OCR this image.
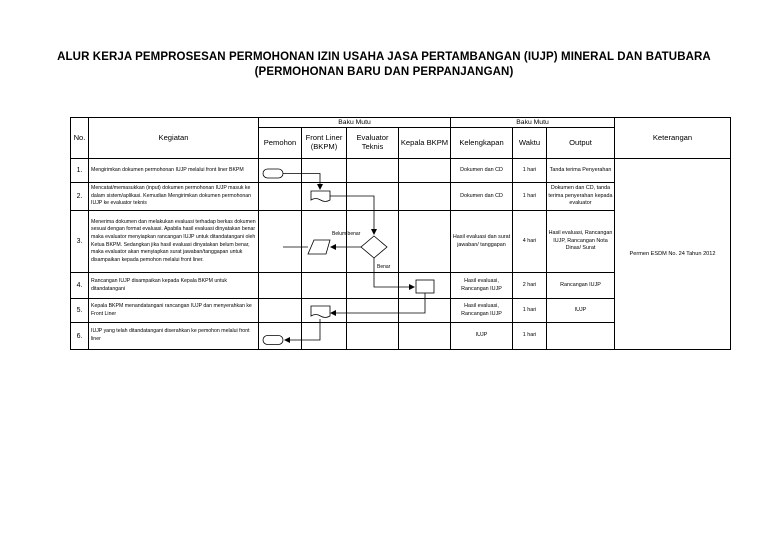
ALUR KERJA PEMPROSESAN PERMOHONAN IZIN USAHA JASA PERTAMBANGAN (IUJP) MINERAL DAN BATUBARA
(PERMOHONAN BARU DAN PERPANJANGAN)
No.	Kegiatan	Baku Mutu				Baku Mutu			Keterangan
		Pemohon	Front Liner (BKPM)	Evaluator Teknis	Kepala BKPM	Kelengkapan	Waktu	Output	
1.	Mengirimkan dokumen permohonan IUJP melalui front liner BKPM					Dokumen dan CD	1 hari	Tanda terima Penyerahan	Permen ESDM No. 24 Tahun 2012
2.	Mencatat/memasukkan (input) dokumen permohonan IUJP masuk ke dalam sistem/aplikasi. Kemudian Mengirimkan dokumen permohonan IUJP ke evaluator teknis					Dokumen dan CD	1 hari	Dokumen dan CD, tanda terima penyerahan kepada evaluator	
3.	Menerima dokumen dan melakukan evaluasi terhadap berkas dokumen sesuai dengan format evaluasi. Apabila hasil evaluasi dinyatakan benar maka evaluator menyiapkan rancangan IUJP untuk ditandatangani oleh Ketua BKPM. Sedangkan jika hasil evaluasi dinyatakan belum benar, maka evaluator akan menyiapkan surat jawaban/tanggapan untuk disampaikan kepada pemohon melalui front liner.					Hasil evaluasi dan surat jawaban/ tanggapan	4 hari	Hasil evaluasi, Rancangan IUJP, Rancangan Nota Dinas/ Surat	
4.	Rancangan IUJP disampaikan kepada Kepala BKPM untuk ditandatangani					Hasil evaluasi, Rancangan IUJP	2 hari	Rancangan IUJP	
5.	Kepala BKPM menandatangani rancangan IUJP dan menyerahkan ke Front Liner					Hasil evaluasi, Rancangan IUJP	1 hari	IUJP	
6.	IUJP yang telah ditandatangani diserahkan ke pemohon melalui front liner					IUJP	1 hari		
Belum benar
Benar
